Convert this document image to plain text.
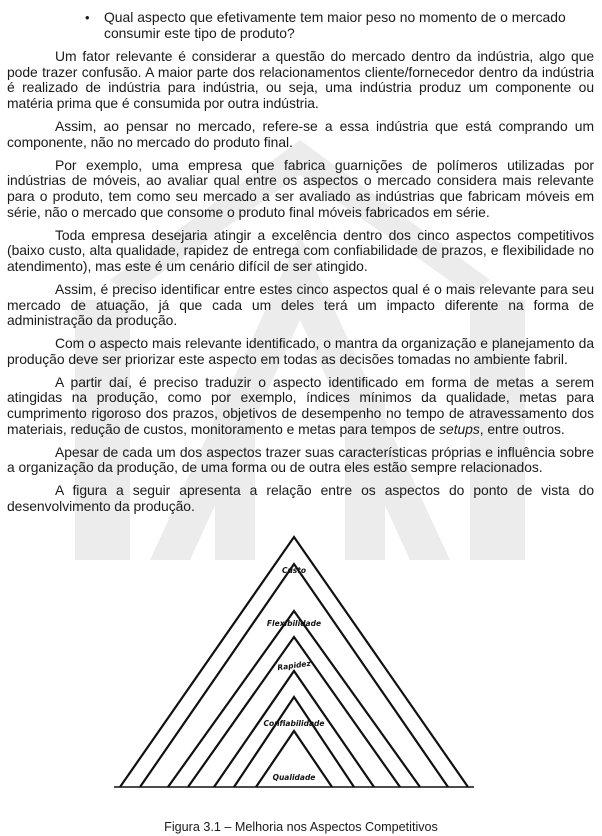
• Qual aspecto que efetivamente tem maior peso no momento de o mercado consumir este tipo de produto?

Um fator relevante é considerar a questão do mercado dentro da indústria, algo que pode trazer confusão. A maior parte dos relacionamentos cliente/fornecedor dentro da indústria é realizado de indústria para indústria, ou seja, uma indústria produz um componente ou matéria prima que é consumida por outra indústria.

Assim, ao pensar no mercado, refere-se a essa indústria que está comprando um componente, não no mercado do produto final.

Por exemplo, uma empresa que fabrica guarnições de polímeros utilizadas por indústrias de móveis, ao avaliar qual entre os aspectos o mercado considera mais relevante para o produto, tem como seu mercado a ser avaliado as indústrias que fabricam móveis em série, não o mercado que consome o produto final móveis fabricados em série.

Toda empresa desejaria atingir a excelência dentro dos cinco aspectos competitivos (baixo custo, alta qualidade, rapidez de entrega com confiabilidade de prazos, e flexibilidade no atendimento), mas este é um cenário difícil de ser atingido.

Assim, é preciso identificar entre estes cinco aspectos qual é o mais relevante para seu mercado de atuação, já que cada um deles terá um impacto diferente na forma de administração da produção.

Com o aspecto mais relevante identificado, o mantra da organização e planejamento da produção deve ser priorizar este aspecto em todas as decisões tomadas no ambiente fabril.

A partir daí, é preciso traduzir o aspecto identificado em forma de metas a serem atingidas na produção, como por exemplo, índices mínimos da qualidade, metas para cumprimento rigoroso dos prazos, objetivos de desempenho no tempo de atravessamento dos materiais, redução de custos, monitoramento e metas para tempos de setups, entre outros.

Apesar de cada um dos aspectos trazer suas características próprias e influência sobre a organização da produção, de uma forma ou de outra eles estão sempre relacionados.

A figura a seguir apresenta a relação entre os aspectos do ponto de vista do desenvolvimento da produção.

Custo
Flexibilidade
Rapidez
Confiabilidade
Qualidade
Figura 3.1 – Melhoria nos Aspectos Competitivos
